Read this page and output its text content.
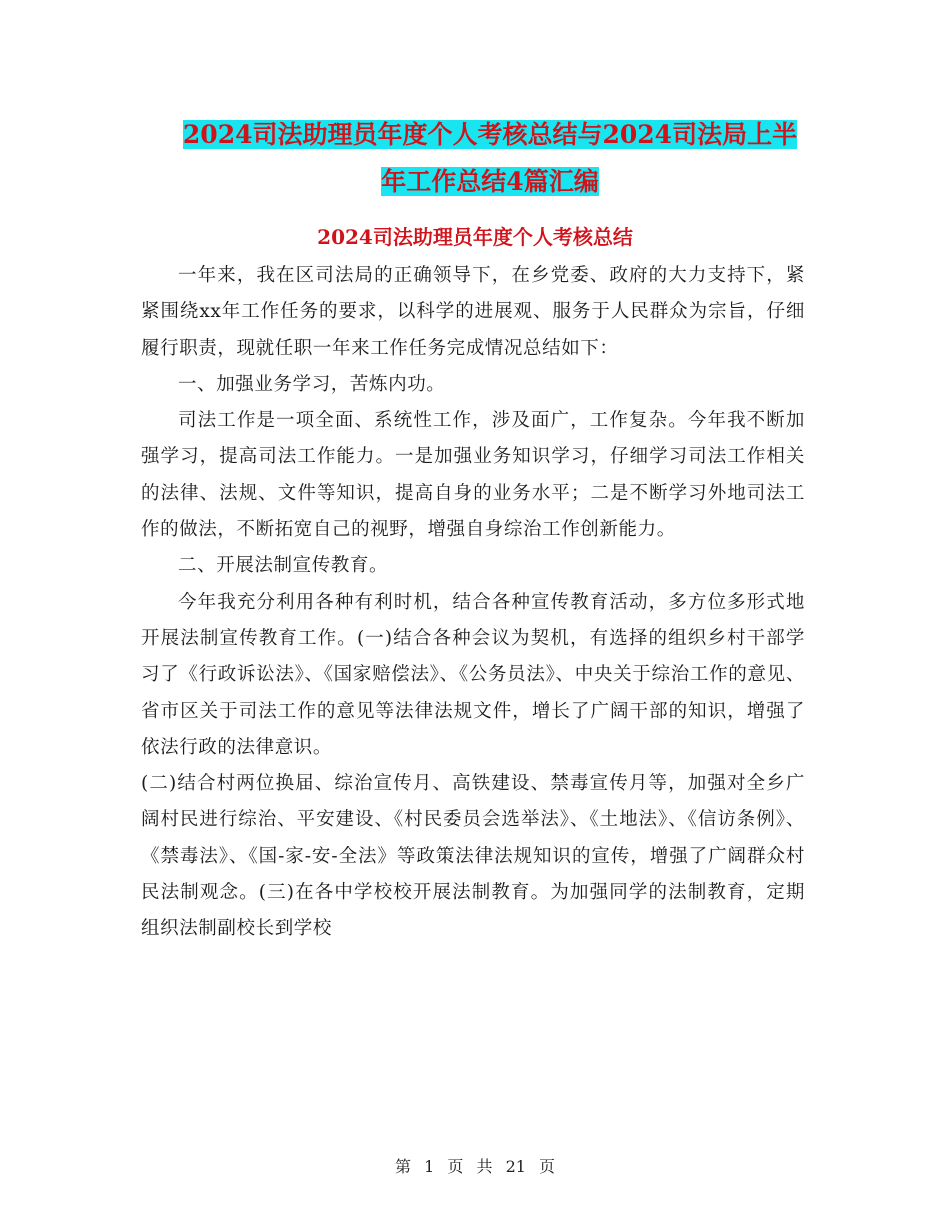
2024司法助理员年度个人考核总结与2024司法局上半
年工作总结4篇汇编
2024司法助理员年度个人考核总结

一年来，我在区司法局的正确领导下，在乡党委、政府的大力支持下，紧紧围绕xx年工作任务的要求，以科学的进展观、服务于人民群众为宗旨，仔细履行职责，现就任职一年来工作任务完成情况总结如下：

一、加强业务学习，苦炼内功。

司法工作是一项全面、系统性工作，涉及面广，工作复杂。今年我不断加强学习，提高司法工作能力。一是加强业务知识学习，仔细学习司法工作相关的法律、法规、文件等知识，提高自身的业务水平；二是不断学习外地司法工作的做法，不断拓宽自己的视野，增强自身综治工作创新能力。

二、开展法制宣传教育。

今年我充分利用各种有利时机，结合各种宣传教育活动，多方位多形式地开展法制宣传教育工作。(一)结合各种会议为契机，有选择的组织乡村干部学习了《行政诉讼法》、《国家赔偿法》、《公务员法》、中央关于综治工作的意见、省市区关于司法工作的意见等法律法规文件，增长了广阔干部的知识，增强了依法行政的法律意识。

(二)结合村两位换届、综治宣传月、高铁建设、禁毒宣传月等，加强对全乡广阔村民进行综治、平安建设、《村民委员会选举法》、《土地法》、《信访条例》、《禁毒法》、《国-家-安-全法》等政策法律法规知识的宣传，增强了广阔群众村民法制观念。(三)在各中学校校开展法制教育。为加强同学的法制教育，定期组织法制副校长到学校

第 1 页 共 21 页
